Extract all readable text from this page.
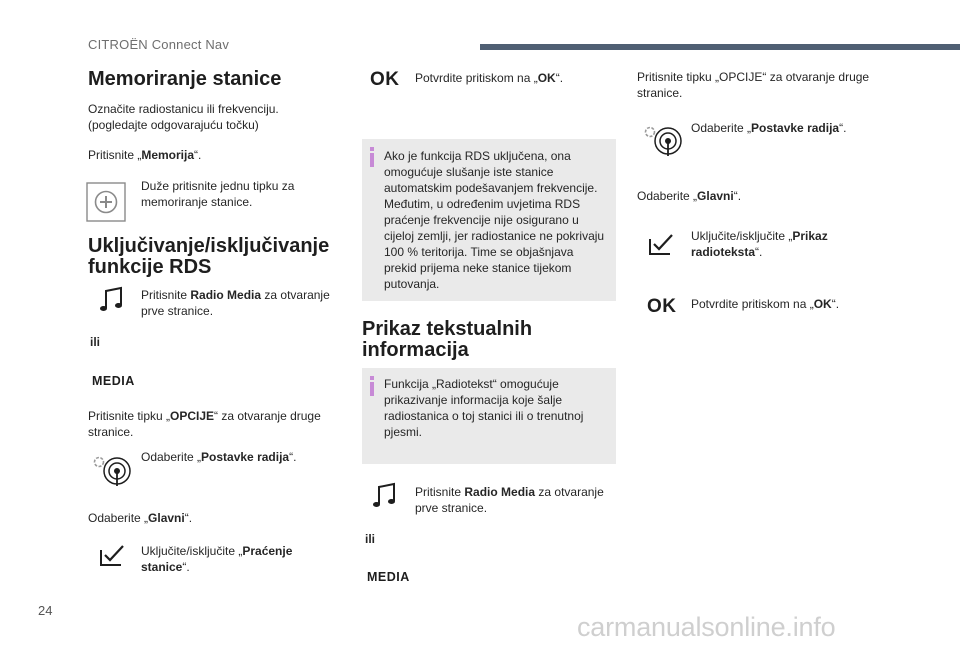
CITROËN Connect Nav
Memoriranje stanice
Označite radiostanicu ili frekvenciju. (pogledajte odgovarajuću točku)
Pritisnite „Memorija“.
Duže pritisnite jednu tipku za memoriranje stanice.
Uključivanje/isključivanje funkcije RDS
Pritisnite Radio Media za otvaranje prve stranice.
ili
MEDIA
Pritisnite tipku „OPCIJE“ za otvaranje druge stranice.
Odaberite „Postavke radija“.
Odaberite „Glavni“.
Uključite/isključite „Praćenje stanice“.
OK Potvrdite pritiskom na „OK“.
Ako je funkcija RDS uključena, ona omogućuje slušanje iste stanice automatskim podešavanjem frekvencije. Međutim, u određenim uvjetima RDS praćenje frekvencije nije osigurano u cijeloj zemlji, jer radiostanice ne pokrivaju 100 % teritorija. Time se objašnjava prekid prijema neke stanice tijekom putovanja.
Prikaz tekstualnih informacija
Funkcija „Radiotekst“ omogućuje prikazivanje informacija koje šalje radiostanica o toj stanici ili o trenutnoj pjesmi.
Pritisnite Radio Media za otvaranje prve stranice.
ili
MEDIA
Pritisnite tipku „OPCIJE“ za otvaranje druge stranice.
Odaberite „Postavke radija“.
Odaberite „Glavni“.
Uključite/isključite „Prikaz radioteksta“.
OK Potvrdite pritiskom na „OK“.
24
carmanualsonline.info
